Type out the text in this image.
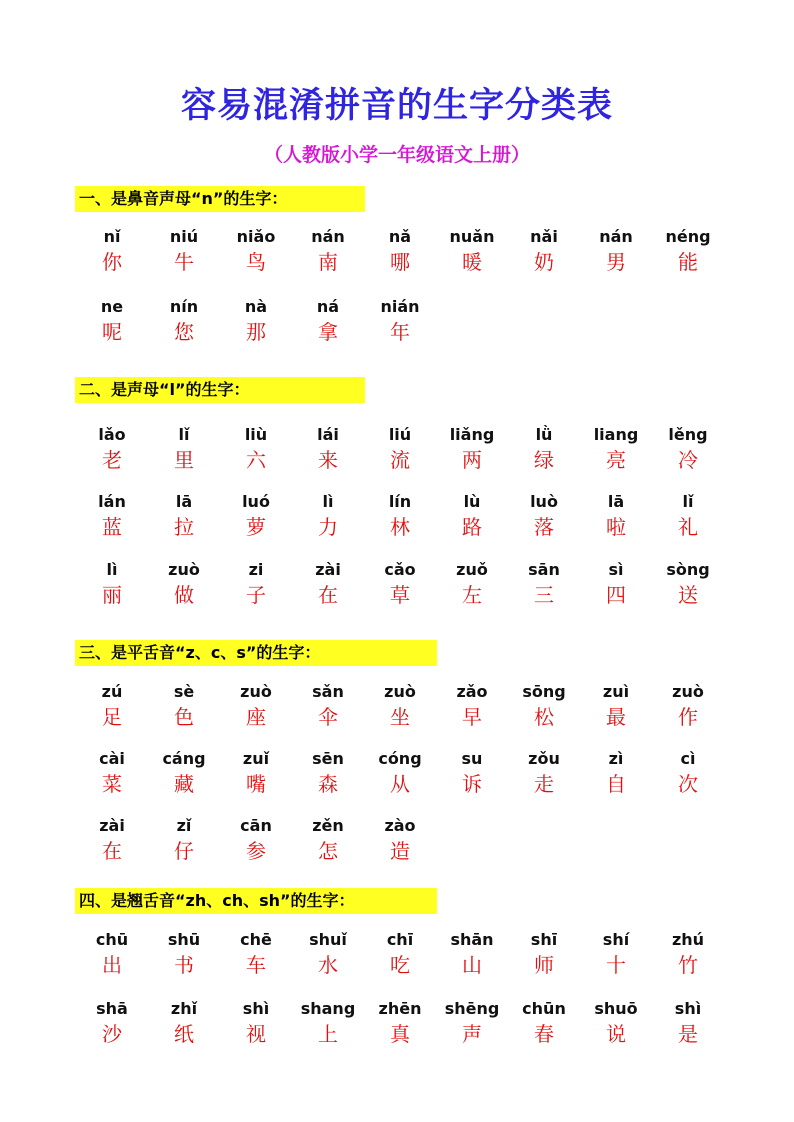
容易混淆拼音的生字分类表
（人教版小学一年级语文上册）
一、是鼻音声母“n”的生字：
nǐ
你
niú
牛
niǎo
鸟
nán
南
nǎ
哪
nuǎn
暖
nǎi
奶
nán
男
néng
能
ne
呢
nín
您
nà
那
ná
拿
nián
年
二、是声母“l”的生字：
lǎo
老
lǐ
里
liù
六
lái
来
liú
流
liǎng
两
lǜ
绿
liang
亮
lěng
冷
lán
蓝
lā
拉
luó
萝
lì
力
lín
林
lù
路
luò
落
lā
啦
lǐ
礼
lì
丽
zuò
做
zi
子
zài
在
cǎo
草
zuǒ
左
sān
三
sì
四
sòng
送
三、是平舌音“z、c、s”的生字：
zú
足
sè
色
zuò
座
sǎn
伞
zuò
坐
zǎo
早
sōng
松
zuì
最
zuò
作
cài
菜
cáng
藏
zuǐ
嘴
sēn
森
cóng
从
su
诉
zǒu
走
zì
自
cì
次
zài
在
zǐ
仔
cān
参
zěn
怎
zào
造
四、是翘舌音“zh、ch、sh”的生字：
chū
出
shū
书
chē
车
shuǐ
水
chī
吃
shān
山
shī
师
shí
十
zhú
竹
shā
沙
zhǐ
纸
shì
视
shang
上
zhēn
真
shēng
声
chūn
春
shuō
说
shì
是
